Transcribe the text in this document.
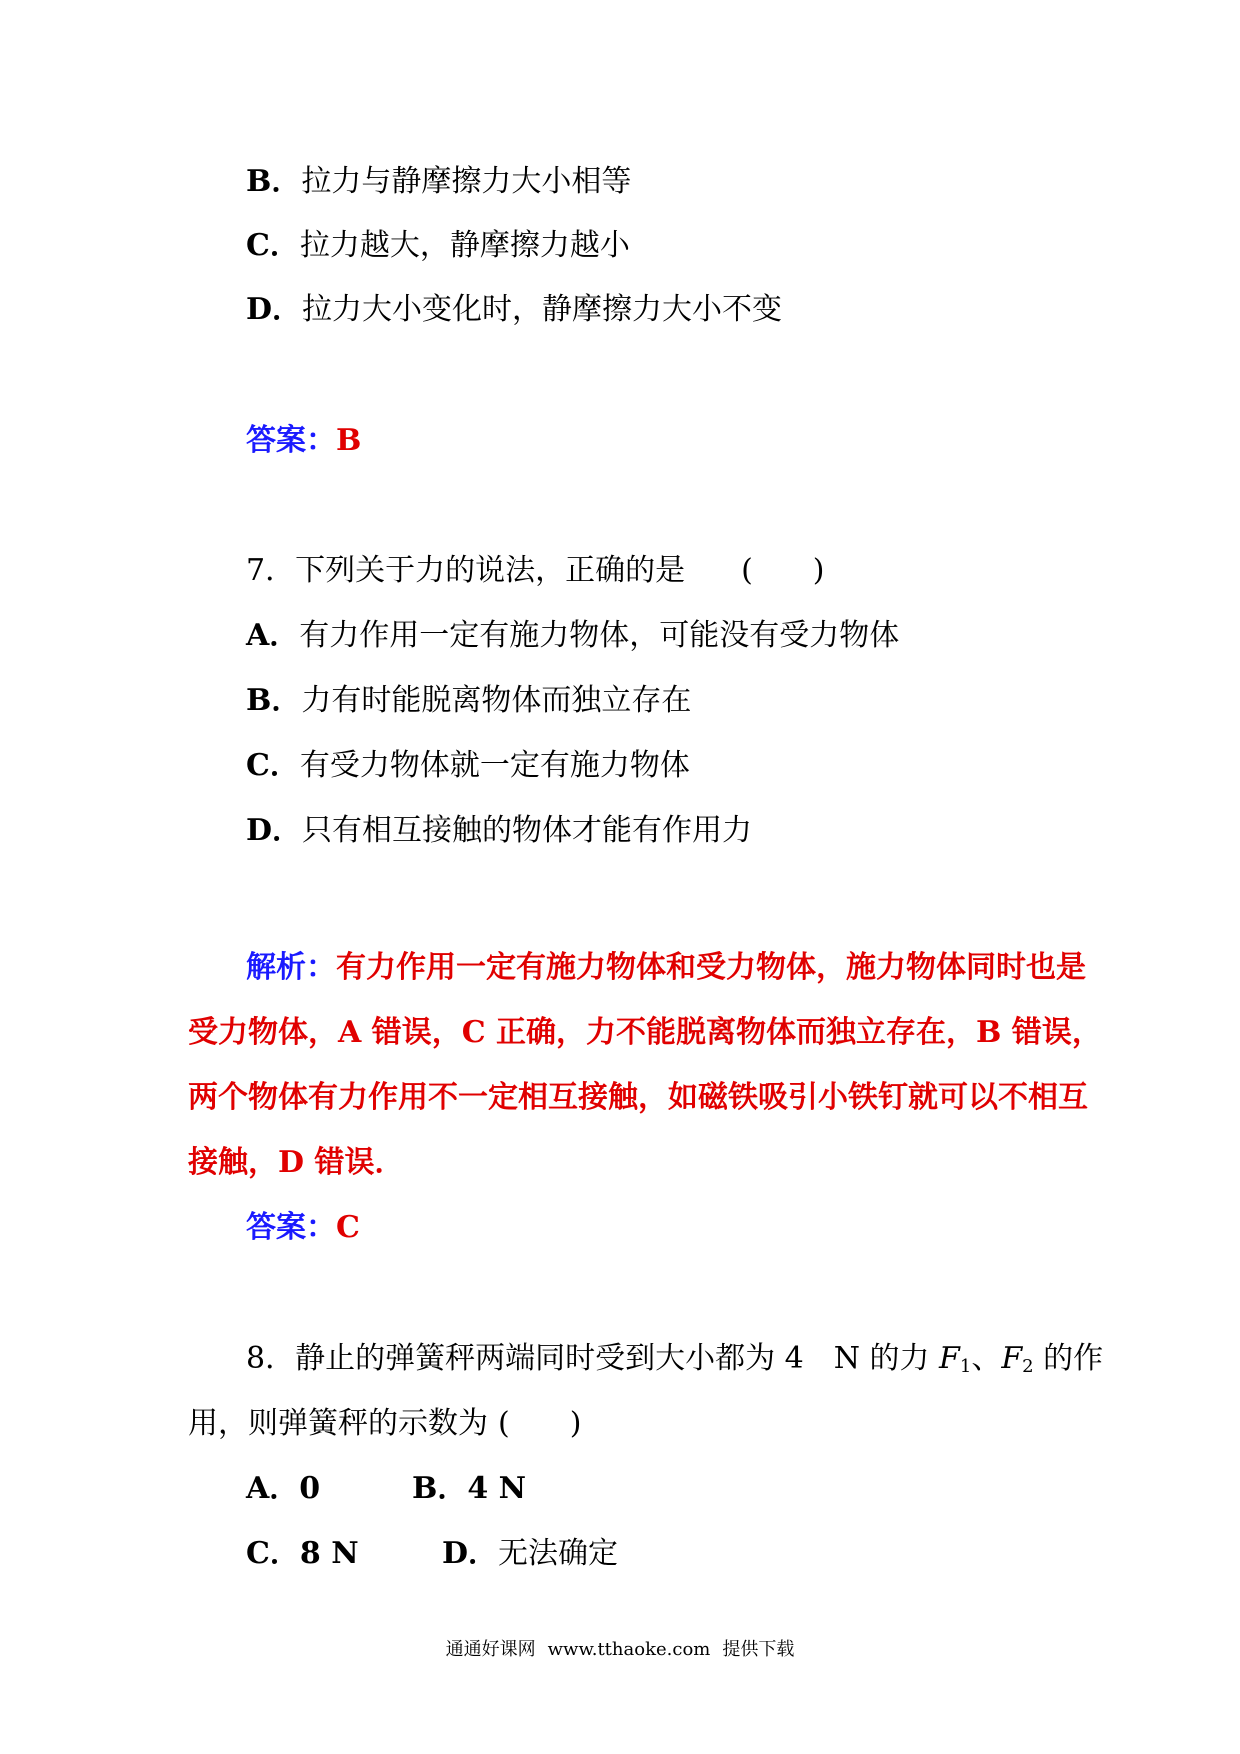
B．拉力与静摩擦力大小相等
C．拉力越大，静摩擦力越小
D．拉力大小变化时，静摩擦力大小不变
答案：B
7．下列关于力的说法，正确的是 (　　)
A．有力作用一定有施力物体，可能没有受力物体
B．力有时能脱离物体而独立存在
C．有受力物体就一定有施力物体
D．只有相互接触的物体才能有作用力
解析：有力作用一定有施力物体和受力物体，施力物体同时也是
受力物体，A 错误，C 正确，力不能脱离物体而独立存在，B 错误，
两个物体有力作用不一定相互接触，如磁铁吸引小铁钉就可以不相互
接触，D 错误．
答案：C
8．静止的弹簧秤两端同时受到大小都为 4　N 的力 $F_1$、$F_2$ 的作
用，则弹簧秤的示数为 (　　)
A．0	B．4 N
C．8 N	D．无法确定
通通好课网 www.tthaoke.com 提供下载
